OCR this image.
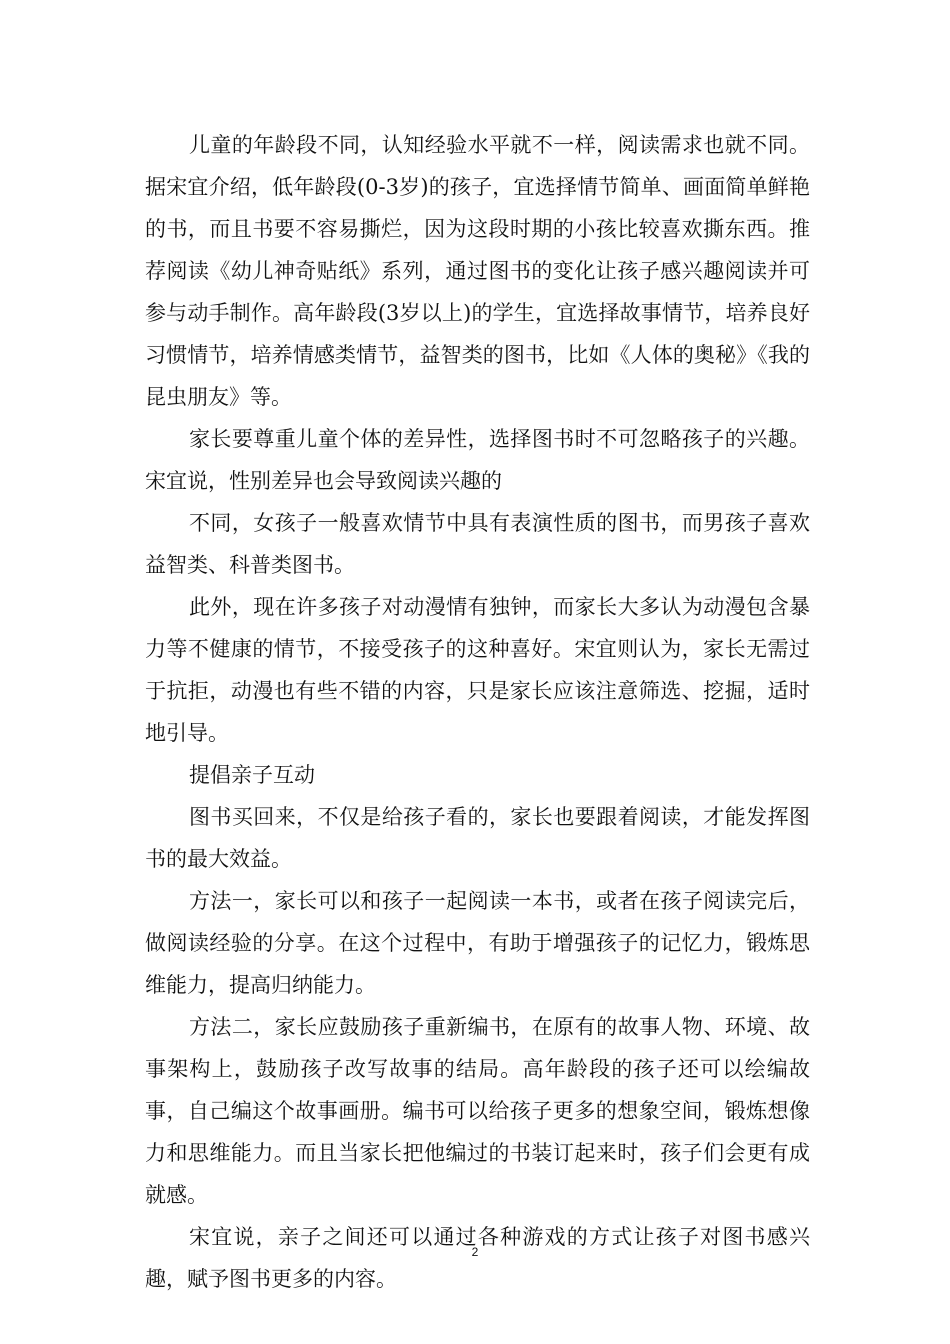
儿童的年龄段不同，认知经验水平就不一样，阅读需求也就不同。据宋宜介绍，低年龄段(0-3岁)的孩子，宜选择情节简单、画面简单鲜艳的书，而且书要不容易撕烂，因为这段时期的小孩比较喜欢撕东西。推荐阅读《幼儿神奇贴纸》系列，通过图书的变化让孩子感兴趣阅读并可参与动手制作。高年龄段(3岁以上)的学生，宜选择故事情节，培养良好习惯情节，培养情感类情节，益智类的图书，比如《人体的奥秘》《我的昆虫朋友》等。

家长要尊重儿童个体的差异性，选择图书时不可忽略孩子的兴趣。宋宜说，性别差异也会导致阅读兴趣的

不同，女孩子一般喜欢情节中具有表演性质的图书，而男孩子喜欢益智类、科普类图书。

此外，现在许多孩子对动漫情有独钟，而家长大多认为动漫包含暴力等不健康的情节，不接受孩子的这种喜好。宋宜则认为，家长无需过于抗拒，动漫也有些不错的内容，只是家长应该注意筛选、挖掘，适时地引导。

提倡亲子互动

图书买回来，不仅是给孩子看的，家长也要跟着阅读，才能发挥图书的最大效益。

方法一，家长可以和孩子一起阅读一本书，或者在孩子阅读完后，做阅读经验的分享。在这个过程中，有助于增强孩子的记忆力，锻炼思维能力，提高归纳能力。

方法二，家长应鼓励孩子重新编书，在原有的故事人物、环境、故事架构上，鼓励孩子改写故事的结局。高年龄段的孩子还可以绘编故事，自己编这个故事画册。编书可以给孩子更多的想象空间，锻炼想像力和思维能力。而且当家长把他编过的书装订起来时，孩子们会更有成就感。

宋宜说，亲子之间还可以通过各种游戏的方式让孩子对图书感兴趣，赋予图书更多的内容。

2
